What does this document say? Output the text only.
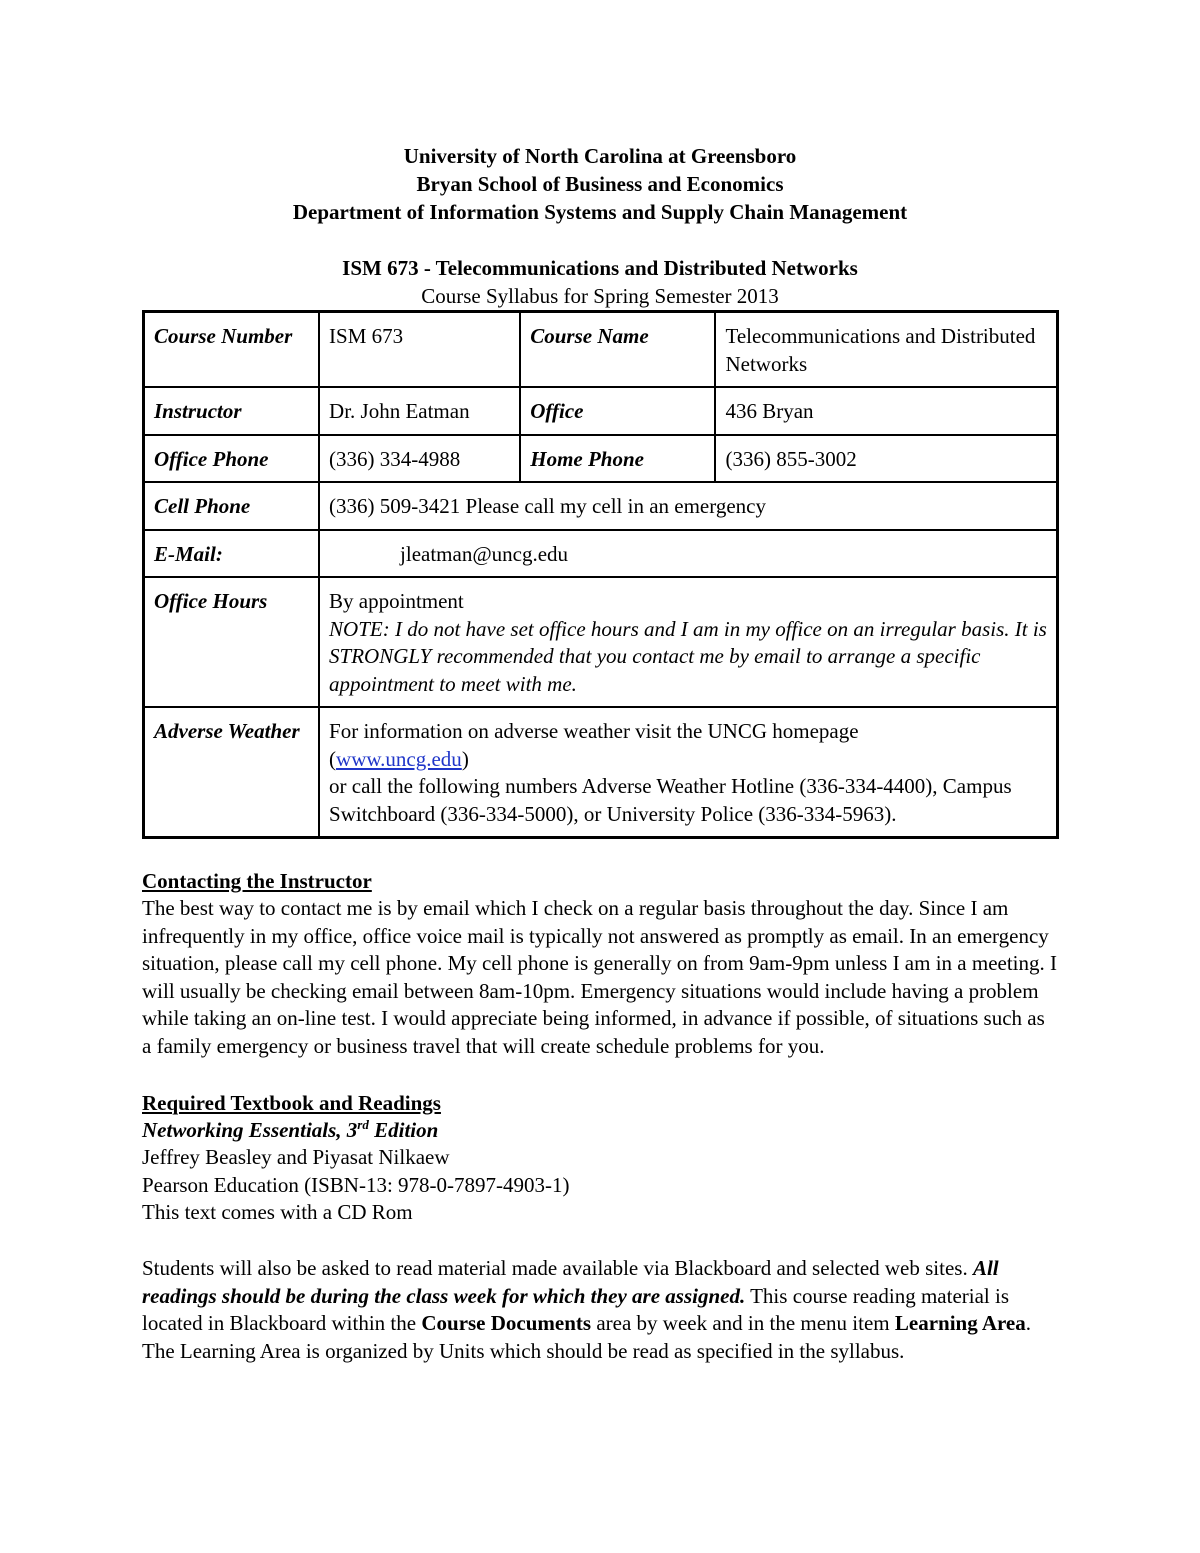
University of North Carolina at Greensboro
Bryan School of Business and Economics
Department of Information Systems and Supply Chain Management
ISM 673 - Telecommunications and Distributed Networks
Course Syllabus for Spring Semester 2013
Course Number	ISM 673	Course Name	Telecommunications and Distributed Networks
Instructor	Dr. John Eatman	Office	436 Bryan
Office Phone	(336) 334-4988	Home Phone	(336) 855-3002
Cell Phone	(336) 509-3421 Please call my cell in an emergency		
E-Mail:	jleatman@uncg.edu		
Office Hours	By appointment
NOTE: I do not have set office hours and I am in my office on an irregular basis. It is STRONGLY recommended that you contact me by email to arrange a specific appointment to meet with me.		

Adverse Weather	For information on adverse weather visit the UNCG homepage
(www.uncg.edu)
or call the following numbers Adverse Weather Hotline (336-334-4400), Campus Switchboard (336-334-5000), or University Police (336-334-5963).		
Contacting the Instructor

The best way to contact me is by email which I check on a regular basis throughout the day. Since I am infrequently in my office, office voice mail is typically not answered as promptly as email. In an emergency situation, please call my cell phone. My cell phone is generally on from 9am-9pm unless I am in a meeting. I will usually be checking email between 8am-10pm. Emergency situations would include having a problem while taking an on-line test. I would appreciate being informed, in advance if possible, of situations such as a family emergency or business travel that will create schedule problems for you.

Required Textbook and Readings

Networking Essentials, 3rd Edition

Jeffrey Beasley and Piyasat Nilkaew

Pearson Education (ISBN-13: 978-0-7897-4903-1)

This text comes with a CD Rom

Students will also be asked to read material made available via Blackboard and selected web sites. All readings should be during the class week for which they are assigned. This course reading material is located in Blackboard within the Course Documents area by week and in the menu item Learning Area. The Learning Area is organized by Units which should be read as specified in the syllabus.
